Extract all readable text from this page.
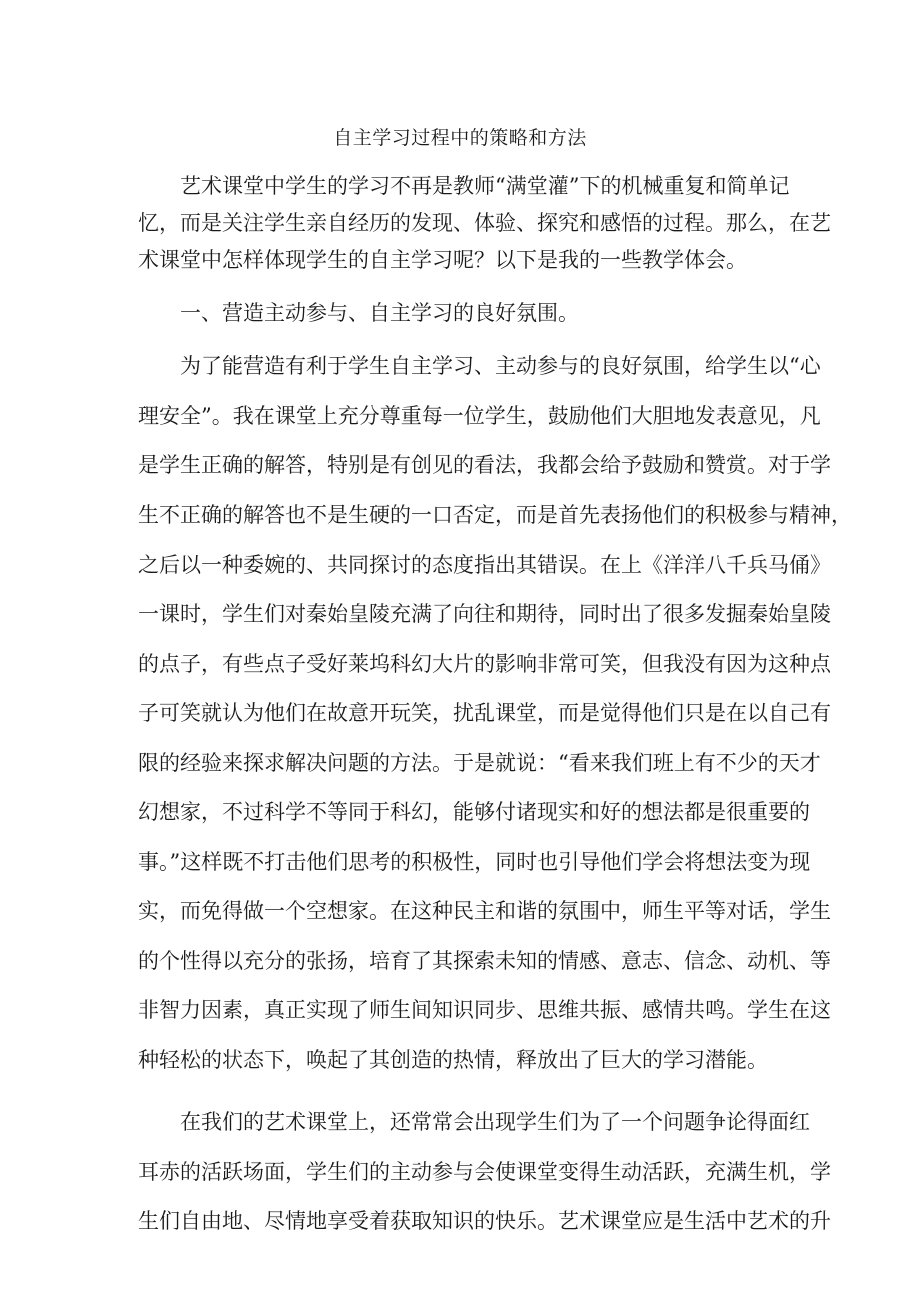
自主学习过程中的策略和方法
艺术课堂中学生的学习不再是教师“满堂灌”下的机械重复和简单记
忆，而是关注学生亲自经历的发现、体验、探究和感悟的过程。那么，在艺
术课堂中怎样体现学生的自主学习呢？以下是我的一些教学体会。
一、营造主动参与、自主学习的良好氛围。
为了能营造有利于学生自主学习、主动参与的良好氛围，给学生以“心
理安全”。我在课堂上充分尊重每一位学生，鼓励他们大胆地发表意见，凡
是学生正确的解答，特别是有创见的看法，我都会给予鼓励和赞赏。对于学
生不正确的解答也不是生硬的一口否定，而是首先表扬他们的积极参与精神，
之后以一种委婉的、共同探讨的态度指出其错误。在上《洋洋八千兵马俑》
一课时，学生们对秦始皇陵充满了向往和期待，同时出了很多发掘秦始皇陵
的点子，有些点子受好莱坞科幻大片的影响非常可笑，但我没有因为这种点
子可笑就认为他们在故意开玩笑，扰乱课堂，而是觉得他们只是在以自己有
限的经验来探求解决问题的方法。于是就说：“看来我们班上有不少的天才
幻想家，不过科学不等同于科幻，能够付诸现实和好的想法都是很重要的
事。”这样既不打击他们思考的积极性，同时也引导他们学会将想法变为现
实，而免得做一个空想家。在这种民主和谐的氛围中，师生平等对话，学生
的个性得以充分的张扬，培育了其探索未知的情感、意志、信念、动机、等
非智力因素，真正实现了师生间知识同步、思维共振、感情共鸣。学生在这
种轻松的状态下，唤起了其创造的热情，释放出了巨大的学习潜能。
在我们的艺术课堂上，还常常会出现学生们为了一个问题争论得面红
耳赤的活跃场面，学生们的主动参与会使课堂变得生动活跃，充满生机，学
生们自由地、尽情地享受着获取知识的快乐。艺术课堂应是生活中艺术的升
